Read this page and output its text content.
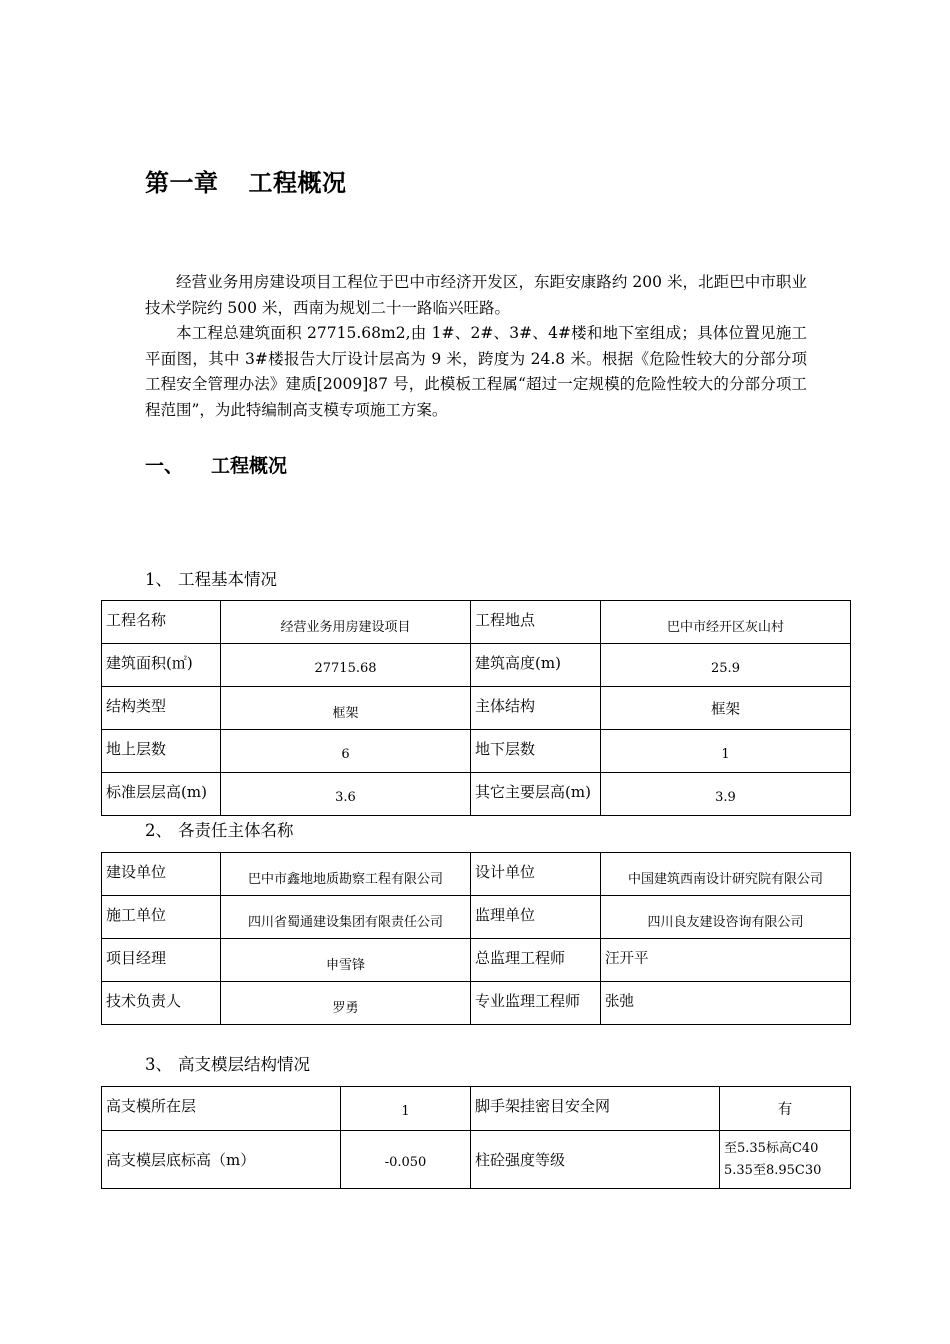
第一章 工程概况

经营业务用房建设项目工程位于巴中市经济开发区，东距安康路约 200 米，北距巴中市职业技术学院约 500 米，西南为规划二十一路临兴旺路。

本工程总建筑面积 27715.68m2,由 1#、2#、3#、4#楼和地下室组成；具体位置见施工平面图，其中 3#楼报告大厅设计层高为 9 米，跨度为 24.8 米。根据《危险性较大的分部分项工程安全管理办法》建质[2009]87 号，此模板工程属“超过一定规模的危险性较大的分部分项工程范围”，为此特编制高支模专项施工方案。

一、 工程概况
1、 工程基本情况
工程名称	经营业务用房建设项目	工程地点	巴中市经开区灰山村
建筑面积(㎡)	27715.68	建筑高度(m)	25.9
结构类型	框架	主体结构	框架
地上层数	6	地下层数	1
标准层层高(m)	3.6	其它主要层高(m)	3.9
2、 各责任主体名称
建设单位	巴中市鑫地地质勘察工程有限公司	设计单位	中国建筑西南设计研究院有限公司
施工单位	四川省蜀通建设集团有限责任公司	监理单位	四川良友建设咨询有限公司
项目经理	申雪锋	总监理工程师	汪开平
技术负责人	罗勇	专业监理工程师	张弛
3、 高支模层结构情况
高支模所在层	1	脚手架挂密目安全网	有
高支模层底标高（m）	-0.050	柱砼强度等级	至5.35标高C40
5.35至8.95C30
